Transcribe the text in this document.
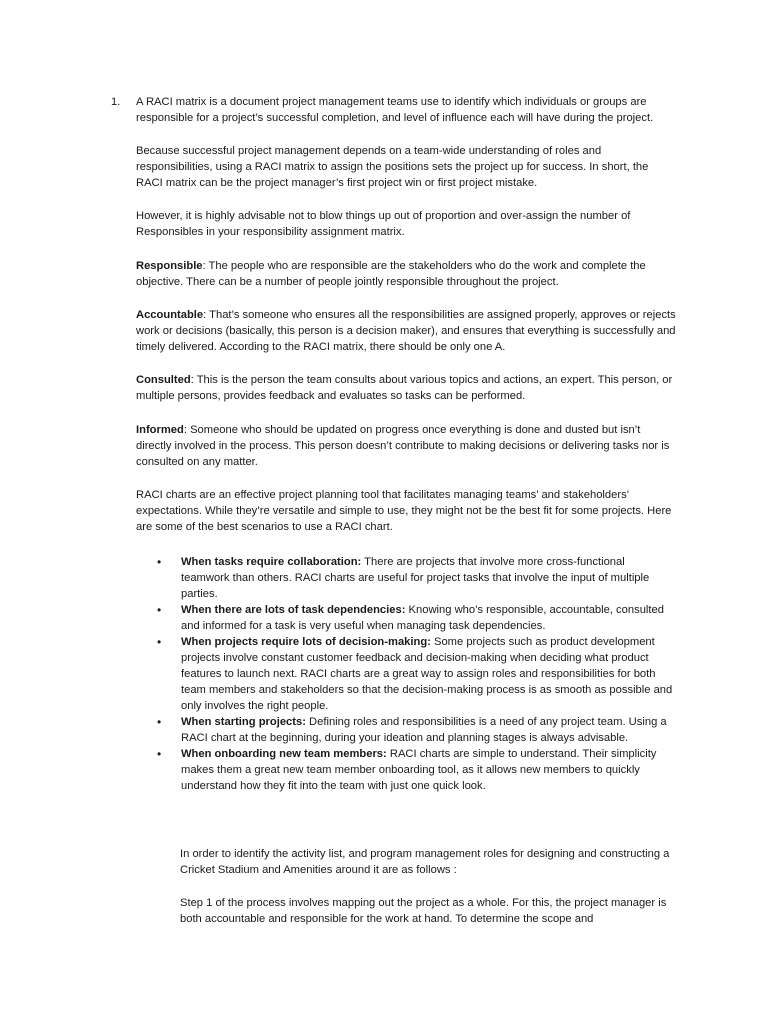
1. A RACI matrix is a document project management teams use to identify which individuals or groups are responsible for a project’s successful completion, and level of influence each will have during the project.

Because successful project management depends on a team-wide understanding of roles and responsibilities, using a RACI matrix to assign the positions sets the project up for success. In short, the RACI matrix can be the project manager’s first project win or first project mistake.

However, it is highly advisable not to blow things up out of proportion and over-assign the number of Responsibles in your responsibility assignment matrix.

Responsible: The people who are responsible are the stakeholders who do the work and complete the objective. There can be a number of people jointly responsible throughout the project.

Accountable: That’s someone who ensures all the responsibilities are assigned properly, approves or rejects work or decisions (basically, this person is a decision maker), and ensures that everything is successfully and timely delivered. According to the RACI matrix, there should be only one A.

Consulted: This is the person the team consults about various topics and actions, an expert. This person, or multiple persons, provides feedback and evaluates so tasks can be performed.

Informed: Someone who should be updated on progress once everything is done and dusted but isn’t directly involved in the process. This person doesn’t contribute to making decisions or delivering tasks nor is consulted on any matter.

RACI charts are an effective project planning tool that facilitates managing teams’ and stakeholders’ expectations. While they’re versatile and simple to use, they might not be the best fit for some projects. Here are some of the best scenarios to use a RACI chart.

•	When tasks require collaboration: There are projects that involve more cross-functional teamwork than others. RACI charts are useful for project tasks that involve the input of multiple parties.

•	When there are lots of task dependencies: Knowing who’s responsible, accountable, consulted and informed for a task is very useful when managing task dependencies.

•	When projects require lots of decision-making: Some projects such as product development projects involve constant customer feedback and decision-making when deciding what product features to launch next. RACI charts are a great way to assign roles and responsibilities for both team members and stakeholders so that the decision-making process is as smooth as possible and only involves the right people.

•	When starting projects: Defining roles and responsibilities is a need of any project team. Using a RACI chart at the beginning, during your ideation and planning stages is always advisable.

•	When onboarding new team members: RACI charts are simple to understand. Their simplicity makes them a great new team member onboarding tool, as it allows new members to quickly understand how they fit into the team with just one quick look.

In order to identify the activity list, and program management roles for designing and constructing a Cricket Stadium and Amenities around it are as follows :

Step 1 of the process involves mapping out the project as a whole. For this, the project manager is both accountable and responsible for the work at hand. To determine the scope and
